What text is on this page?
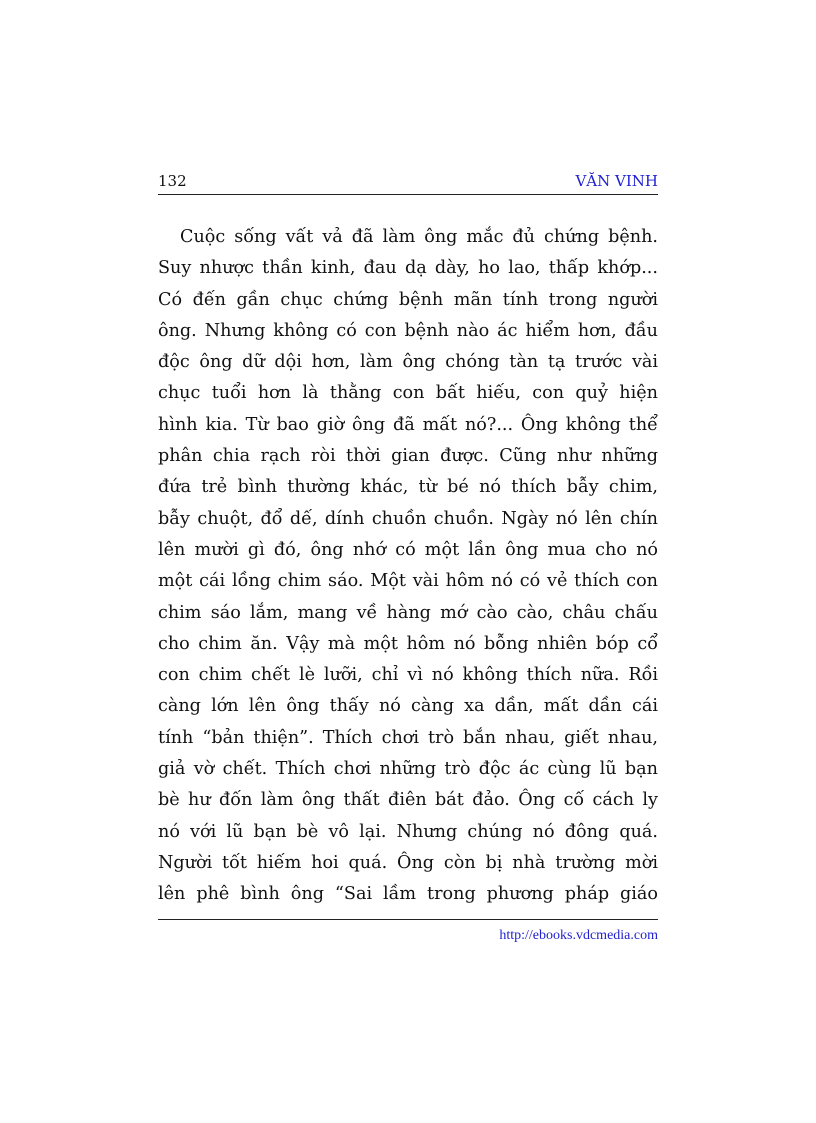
132	VĂN VINH
Cuộc sống vất vả đã làm ông mắc đủ chứng bệnh.
Suy nhược thần kinh, đau dạ dày, ho lao, thấp khớp...
Có đến gần chục chứng bệnh mãn tính trong người
ông. Nhưng không có con bệnh nào ác hiểm hơn, đầu
độc ông dữ dội hơn, làm ông chóng tàn tạ trước vài
chục tuổi hơn là thằng con bất hiếu, con quỷ hiện
hình kia. Từ bao giờ ông đã mất nó?... Ông không thể
phân chia rạch ròi thời gian được. Cũng như những
đứa trẻ bình thường khác, từ bé nó thích bẫy chim,
bẫy chuột, đổ dế, dính chuồn chuồn. Ngày nó lên chín
lên mười gì đó, ông nhớ có một lần ông mua cho nó
một cái lồng chim sáo. Một vài hôm nó có vẻ thích con
chim sáo lắm, mang về hàng mớ cào cào, châu chấu
cho chim ăn. Vậy mà một hôm nó bỗng nhiên bóp cổ
con chim chết lè lưỡi, chỉ vì nó không thích nữa. Rồi
càng lớn lên ông thấy nó càng xa dần, mất dần cái
tính “bản thiện”. Thích chơi trò bắn nhau, giết nhau,
giả vờ chết. Thích chơi những trò độc ác cùng lũ bạn
bè hư đốn làm ông thất điên bát đảo. Ông cố cách ly
nó với lũ bạn bè vô lại. Nhưng chúng nó đông quá.
Người tốt hiếm hoi quá. Ông còn bị nhà trường mời
lên phê bình ông “Sai lầm trong phương pháp giáo
http://ebooks.vdcmedia.com
